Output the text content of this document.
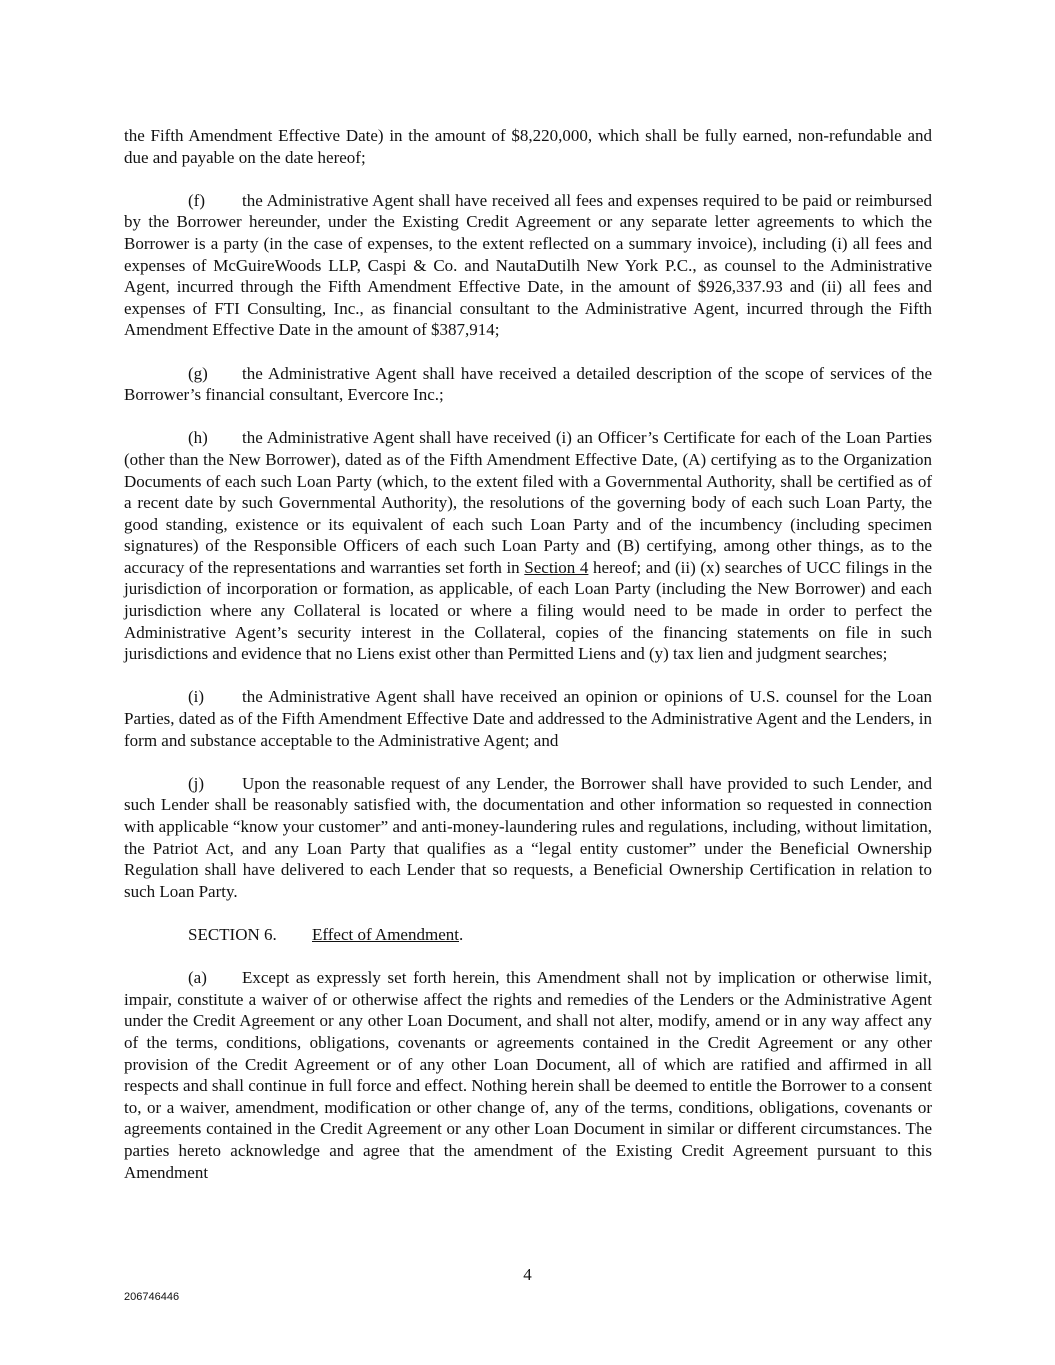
the Fifth Amendment Effective Date) in the amount of $8,220,000, which shall be fully earned, non-refundable and due and payable on the date hereof;

(f) the Administrative Agent shall have received all fees and expenses required to be paid or reimbursed by the Borrower hereunder, under the Existing Credit Agreement or any separate letter agreements to which the Borrower is a party (in the case of expenses, to the extent reflected on a summary invoice), including (i) all fees and expenses of McGuireWoods LLP, Caspi & Co. and NautaDutilh New York P.C., as counsel to the Administrative Agent, incurred through the Fifth Amendment Effective Date, in the amount of $926,337.93 and (ii) all fees and expenses of FTI Consulting, Inc., as financial consultant to the Administrative Agent, incurred through the Fifth Amendment Effective Date in the amount of $387,914;

(g) the Administrative Agent shall have received a detailed description of the scope of services of the Borrower’s financial consultant, Evercore Inc.;

(h) the Administrative Agent shall have received (i) an Officer’s Certificate for each of the Loan Parties (other than the New Borrower), dated as of the Fifth Amendment Effective Date, (A) certifying as to the Organization Documents of each such Loan Party (which, to the extent filed with a Governmental Authority, shall be certified as of a recent date by such Governmental Authority), the resolutions of the governing body of each such Loan Party, the good standing, existence or its equivalent of each such Loan Party and of the incumbency (including specimen signatures) of the Responsible Officers of each such Loan Party and (B) certifying, among other things, as to the accuracy of the representations and warranties set forth in Section 4 hereof; and (ii) (x) searches of UCC filings in the jurisdiction of incorporation or formation, as applicable, of each Loan Party (including the New Borrower) and each jurisdiction where any Collateral is located or where a filing would need to be made in order to perfect the Administrative Agent’s security interest in the Collateral, copies of the financing statements on file in such jurisdictions and evidence that no Liens exist other than Permitted Liens and (y) tax lien and judgment searches;

(i) the Administrative Agent shall have received an opinion or opinions of U.S. counsel for the Loan Parties, dated as of the Fifth Amendment Effective Date and addressed to the Administrative Agent and the Lenders, in form and substance acceptable to the Administrative Agent; and

(j) Upon the reasonable request of any Lender, the Borrower shall have provided to such Lender, and such Lender shall be reasonably satisfied with, the documentation and other information so requested in connection with applicable “know your customer” and anti-money-laundering rules and regulations, including, without limitation, the Patriot Act, and any Loan Party that qualifies as a “legal entity customer” under the Beneficial Ownership Regulation shall have delivered to each Lender that so requests, a Beneficial Ownership Certification in relation to such Loan Party.

SECTION 6. Effect of Amendment.

(a) Except as expressly set forth herein, this Amendment shall not by implication or otherwise limit, impair, constitute a waiver of or otherwise affect the rights and remedies of the Lenders or the Administrative Agent under the Credit Agreement or any other Loan Document, and shall not alter, modify, amend or in any way affect any of the terms, conditions, obligations, covenants or agreements contained in the Credit Agreement or any other provision of the Credit Agreement or of any other Loan Document, all of which are ratified and affirmed in all respects and shall continue in full force and effect. Nothing herein shall be deemed to entitle the Borrower to a consent to, or a waiver, amendment, modification or other change of, any of the terms, conditions, obligations, covenants or agreements contained in the Credit Agreement or any other Loan Document in similar or different circumstances. The parties hereto acknowledge and agree that the amendment of the Existing Credit Agreement pursuant to this Amendment

4
206746446
